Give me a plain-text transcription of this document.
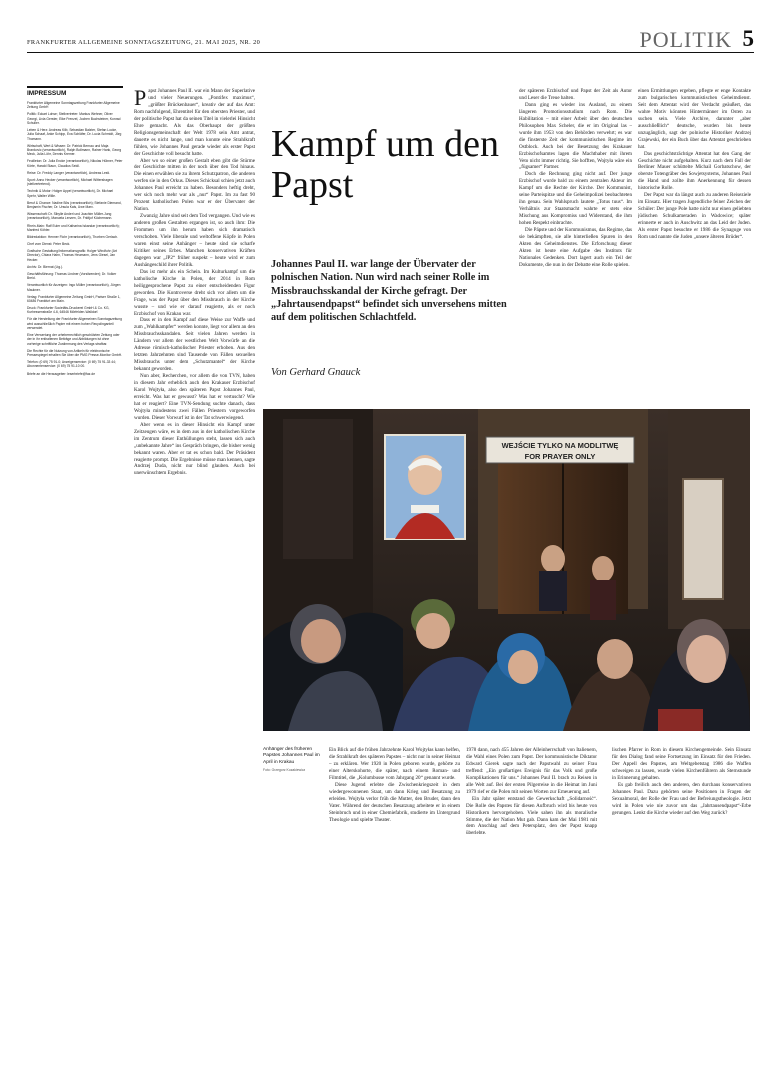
FRANKFURTER ALLGEMEINE SONNTAGSZEITUNG, 21. MAI 2025, NR. 20	POLITIK 5
IMPRESSUM
Frankfurter Allgemeine Sonntagszeitung Frankfurter Allgemeine Zeitung GmbH
Politik: Eckart Lohse; Stellvertreter: Markus Wehner, Oliver Georgi, Livia Gerster, Eike Frenzel, Jochen Buchsteiner, Konrad Schuller.
Leben & Herz: Andreas Kilb, Sebastian Balzter, Stefan Locke, Julia Schaaf, Anke Schipp, Eva Schläfer, Dr. Lucia Schmidt, Jörg Thomann.
Wirtschaft, Wert & Wissen: Dr. Patrick Bernau und Maja Brankovic (verantwortlich), Ralph Bollmann, Rainer Hank, Georg Meck, Julia Löhr, Dennis Kremer.
Feuilleton: Dr. Julia Encke (verantwortlich), Nikolas Hübner, Peter Körte, Harald Staun, Claudius Seidl.
Reise: Dr. Freddy Langer (verantwortlich), Andreas Lesti.
Sport: Anno Hecker (verantwortlich), Michael Wittershagen (stellvertretend).
Technik & Motor: Holger Appel (verantwortlich), Dr. Michael Spehr, Walter Wille.
Beruf & Chance: Nadine Bös (verantwortlich); Stefanie Diemand, Benjamin Fischer, Dr. Ursula Kals, Uwe Marx.
Wissenschaft: Dr. Sibylle Anderl und Joachim Müller-Jung (verantwortlich), Manuela Lenzen, Dr. Fridtjof Küchemann.
Rhein-Main: Ralf Euler und Katharina Iskandar (verantwortlich); Manfred Köhler.
Bildredaktion: Henner Flohr (verantwortlich), Thorben Gerlach.
Chef vom Dienst: Peter Beck.
Grafische Gestaltung/Informationsgrafik: Holger Windfuhr (Art Director), Chiara Hahn, Thomas Heumann, Jens Giesel, Jan Hecker.
Archiv: Dr. Biernat (Ltg.).
Geschäftsführung: Thomas Lindner (Vorsitzender); Dr. Volker Breid.
Verantwortlich für Anzeigen: Ingo Müller (verantwortlich), Jürgen Maukner.
Verlag: Frankfurter Allgemeine Zeitung GmbH, Pariser Straße 1, 60486 Frankfurt am Main.
Druck: Frankfurter Societäts-Druckerei GmbH & Co. KG, Kurhessenstraße 4-6, 64546 Mörfelden-Walldorf.
Für die Herstellung der Frankfurter Allgemeinen Sonntagszeitung wird ausschließlich Papier mit einem hohen Recyclinganteil verwendet.
Eine Verwertung der urheberrechtlich geschützten Zeitung oder der in ihr enthaltenen Beiträge und Abbildungen ist ohne vorherige schriftliche Zustimmung des Verlags strafbar.
Die Rechte für die Nutzung von Artikeln für elektronische Pressespiegel erhalten Sie über die PMG Presse-Monitor GmbH.
Telefon: (0 69) 75 91-0; Anzeigenservice: (0 69) 75 91-33 44; Abonnentenservice: (0 69) 75 91-10 00.
Briefe an die Herausgeber: leserbriefe@faz.de

Papst Johannes Paul II. war ein Mann der Superlative und vieler Neuerungen. „Pontifex maximus“, „größter Brückenbauer“, kreativ der auf das Amt: Rom nachfolgend, Ehrentitel für den obersten Priester, und der politische Papst hat da seinen Titel in vielerlei Hinsicht Ehre gemacht. Als das Oberhaupt der größten Religionsgemeinschaft der Welt 1978 sein Amt antrat, dauerte es nicht lange, und man konnte eine Strahlkraft fühlen, wie Johannes Paul gerade wieder als erster Papst der Geschichte voll besucht hatte.

Aber wo so einer großen Gestalt eben gibt die Stürme der Geschichte mitten in der noch über den Tod hinaus. Die einen erwählen sie zu ihrem Schutzpatron, die anderen werfen sie in den Orkus. Dieses Schicksal schien jetzt auch Johannes Paul erreicht zu haben. Besonders heftig dreht, wer sich noch mehr war als „nur“ Papst. Im zu fast 90 Prozent katholischen Polen war er der Übervater der Nation.

Zwanzig Jahre sind seit dem Tod vergangen. Und wie es anderen großen Gestalten ergangen ist, so auch ihm: Die Frommen um ihn herum haben sich dramatisch verschoben. Viele liberale und weltoffene Köpfe in Polen waren einst seine Anhänger – heute sind sie scharfe Kritiker seines Erbes. Manchen konservativen Kräften dagegen war „JP2“ früher suspekt – heute wird er zum Aushängeschild ihrer Politik.

Das ist mehr als ein Schein. Im Kulturkampf um die katholische Kirche in Polen, der 2014 in Rom heiliggesprochene Papst zu einer entscheidenden Figur geworden. Die Kontroverse dreht sich vor allem um die Frage, was der Papst über den Missbrauch in der Kirche wusste – und wie er darauf reagierte, als er noch Erzbischof von Krakau war.

Dass er in den Kampf auf diese Weise zur Waffe und zum „Wahlkampfer“ werden konnte, liegt vor allem an den Missbrauchsskandalen. Seit vielen Jahren werden in Ländern vor allem der westlichen Welt Vorwürfe an die Adresse römisch-katholischer Priester erhoben. Aus den letzten Jahrzehnten sind Tausende von Fällen sexuellen Missbrauchs unter dem „Schutzmantel“ der Kirche bekannt geworden.

Nun aber, Recherchen, vor allem die von TVN, haben in diesem Jahr erheblich auch den Krakauer Erzbischof Karol Wojtyła, also den späteren Papst Johannes Paul, erreicht. Was hat er gewusst? Was hat er vertuscht? Wie hat er reagiert? Eine TVN-Sendung suchte danach, dass Wojtyła mindestens zwei Fällen Priestern vorgeworfen wurden. Dieser Vorwurf ist in der Tat schwerwiegend.

Aber wenn es in dieser Hinsicht ein Kampf unter Zeitzeugen wäre, es in dem aus in der katholischen Kirche im Zentrum dieser Enthüllungen steht, lassen sich auch „unbekannte Jahre“ ins Gespräch bringen, die bisher wenig bekannt waren. Aber er tat es schon bald. Der Präsident reagierte prompt. Die Ergebnisse müsse man kennen, sagte Andrzej Duda, nicht nur blind glauben. Auch bei unerwünschtem Ergebnis.

Kampf um den Papst
Johannes Paul II. war lange der Übervater der polnischen Nation. Nun wird nach seiner Rolle im Missbrauchsskandal der Kirche gefragt. Der „Jahrtausendpapst“ befindet sich unversehens mitten auf dem politischen Schlachtfeld.
Von Gerhard Gnauck

der späteren Erzbischof und Papst der Zeit als Autor und Leser die Treue halten.

Dann ging es wieder ins Ausland, zu einem längeren Promotionsstudium nach Rom. Die Habilitation – mit einer Arbeit über den deutschen Philosophen Max Scheler, die er im Original las – wurde ihm 1953 von den Behörden verwehrt; es war die finsterste Zeit der kommunistischen Regime im Ostblock. Auch bei der Besetzung des Krakauer Erzbischofsamtes lagen die Machthaber mit ihrem Veto nicht immer richtig. Sie hofften, Wojtyła wäre ein „fügsamer“ Partner.

Doch die Rechnung ging nicht auf. Der junge Erzbischof wurde bald zu einem zentralen Akteur im Kampf um die Rechte der Kirche. Der Kommunist, seine Parteispitze und die Geheimpolizei beobachteten ihn genau. Sein Wahlspruch lautete „Totus tuus“. Im Verhältnis zur Staatsmacht wahrte er stets eine Mischung aus Kompromiss und Widerstand, die ihm hohen Respekt einbrachte.

Die Päpste und der Kommunismus, das Regime, das sie bekämpften, sie alle hinterließen Spuren in den Akten des Geheimdienstes. Die Erforschung dieser Akten ist heute eine Aufgabe des Instituts für Nationales Gedenken. Dort lagert auch ein Teil der Dokumente, die nun in der Debatte eine Rolle spielen.

einen Ermittlungen ergeben, pflegte er enge Kontakte zum bulgarischen kommunistischen Geheimdienst. Seit dem Attentat wird der Verdacht geäußert, das wahre Motiv könnten Hintermänner im Osten zu suchen sein. Viele Archive, darunter „aber ausschließlich“ deutsche, wurden bis heute unzugänglich, sagt der polnische Historiker Andrzej Grajewski, der ein Buch über das Attentat geschrieben hat.

Das geschichtsträchtige Attentat hat den Gang der Geschichte nicht aufgehalten. Kurz nach dem Fall der Berliner Mauer schüttelte Michail Gorbatschow, der oberste Totengräber des Sowjetsystems, Johannes Paul die Hand und zollte ihm Anerkennung für dessen historische Rolle.

Der Papst war da längst auch zu anderen Reiseziele im Einsatz. Hier tragen Jugendliche feiner Zeichen der Schüler: Der junge Pole hatte nicht nur einen geliebten jüdischen Schulkameraden in Wadowice; später erinnerte er auch in Auschwitz an das Leid der Juden. Als erster Papst besuchte er 1986 die Synagoge von Rom und nannte die Juden „unsere älteren Brüder“.

WEJŚCIE TYLKO NA MODLITWĘ
FOR PRAYER ONLY
Anhänger des früheren Papstes Johannes Paul im April in Krakau
Foto: Grzegorz Kozakiewicz

Ein Blick auf die frühen Jahrzehnte Karol Wojtyłas kann helfen, die Strahlkraft des späteren Papstes – nicht nur in seiner Heimat – zu erklären. Wer 1920 in Polen geboren wurde, gehörte zu einer Alterskohorte, die später, nach einem Roman- und Filmtitel, die „Kolumbusse vom Jahrgang 20“ genannt wurde.

Diese Jugend erlebte die Zwischenkriegszeit in dem wiedergewonnenen Staat, um dann Krieg und Besatzung zu erleiden. Wojtyła verlor früh die Mutter, den Bruder, dann den Vater. Während der deutschen Besatzung arbeitete er in einem Steinbruch und in einer Chemiefabrik, studierte im Untergrund Theologie und spielte Theater.

1978 dann, nach 455 Jahren der Alleinherrschaft von Italienern, die Wahl eines Polen zum Papst. Der kommunistische Diktator Edward Gierek sagte nach der Papstwahl zu seiner Frau treffend: „Ein großartiges Ereignis für das Volk und große Komplikationen für uns.“ Johannes Paul II. brach zu Reisen in alle Welt auf. Bei der ersten Pilgerreise in die Heimat im Juni 1979 rief er die Polen mit seinen Worten zur Erneuerung auf.

Ein Jahr später entstand die Gewerkschaft „Solidarność“. Die Rolle des Papstes für diesen Aufbruch wird bis heute von Historikern hervorgehoben. Viele sahen ihn als moralische Stimme, die der Nation Mut gab. Dann kam der Mai 1981 mit dem Anschlag auf dem Petersplatz, den der Papst knapp überlebte.

lischen Pfarrer in Rom in diesem Kirchengemeinde. Sein Einsatz für den Dialog fand seine Fortsetzung im Einsatz für den Frieden. Der Appell des Papstes, am Weltgebetstag 1986 die Waffen schweigen zu lassen, wurde vielen Kirchenführern als Sternstunde in Erinnerung gehalten.

Es gab freilich auch den anderen, den durchaus konservativen Johannes Paul. Dazu gehörten seine Positionen in Fragen der Sexualmoral, der Rolle der Frau und der Befreiungstheologie. Jetzt wird in Polen wie nie zuvor um das „Jahrtausendpapst“-Erbe gerungen. Lenkt die Kirche wieder auf den Weg zurück?
